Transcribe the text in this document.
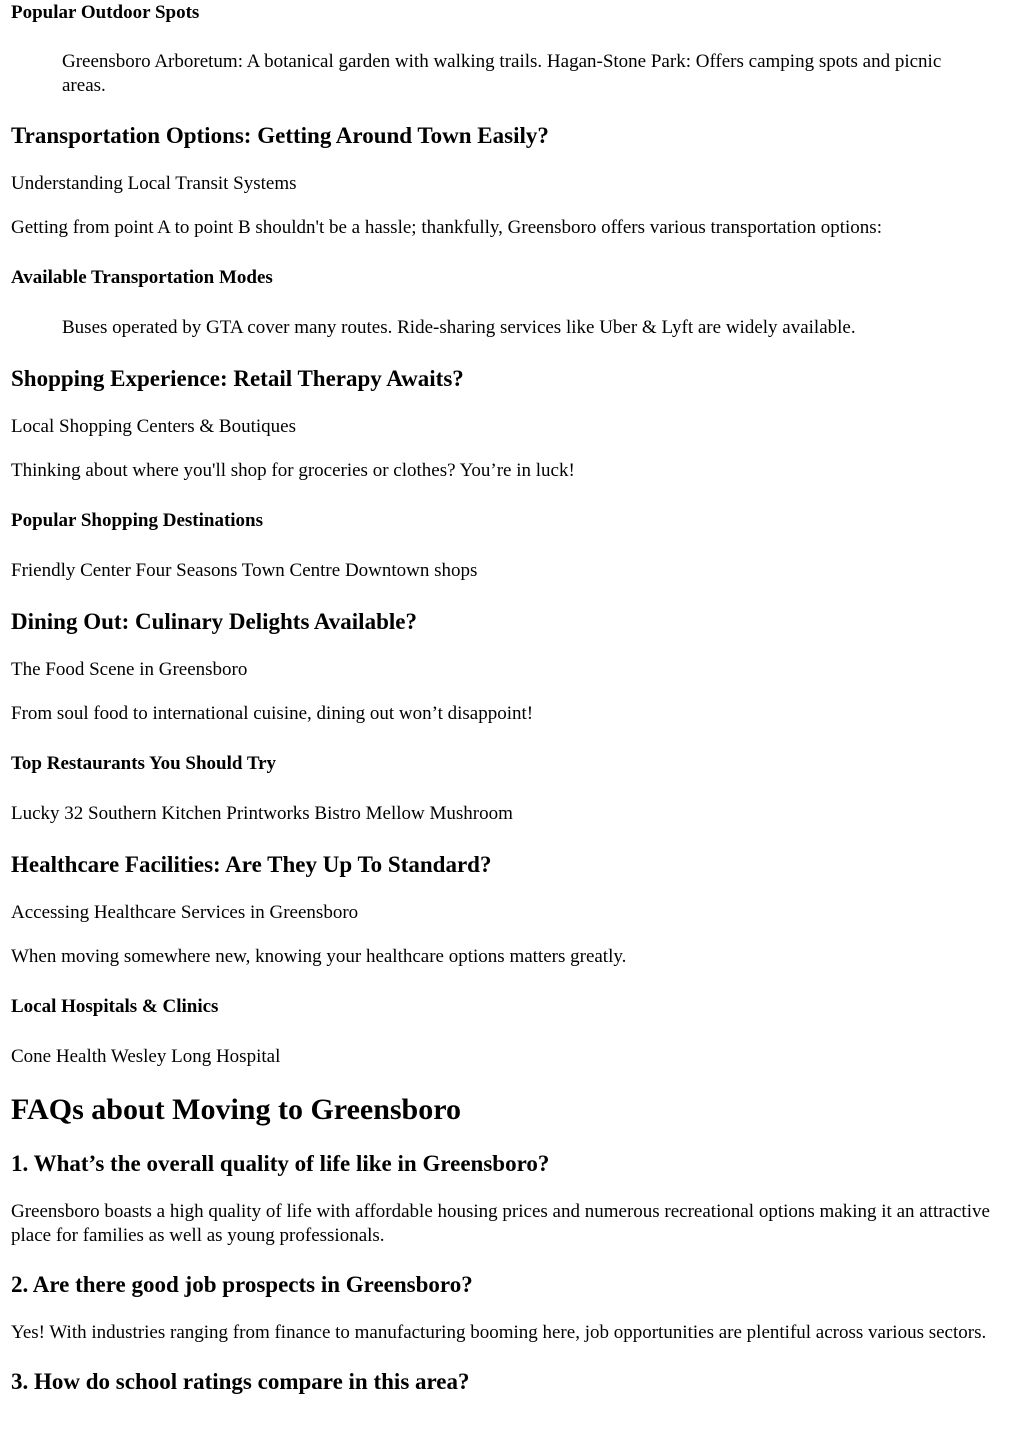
Popular Outdoor Spots
Greensboro Arboretum: A botanical garden with walking trails. Hagan-Stone Park: Offers camping spots and picnic areas.
Transportation Options: Getting Around Town Easily?

Understanding Local Transit Systems

Getting from point A to point B shouldn't be a hassle; thankfully, Greensboro offers various transportation options:

Available Transportation Modes
Buses operated by GTA cover many routes. Ride-sharing services like Uber & Lyft are widely available.
Shopping Experience: Retail Therapy Awaits?

Local Shopping Centers & Boutiques

Thinking about where you'll shop for groceries or clothes? You’re in luck!

Popular Shopping Destinations

Friendly Center Four Seasons Town Centre Downtown shops

Dining Out: Culinary Delights Available?

The Food Scene in Greensboro

From soul food to international cuisine, dining out won’t disappoint!

Top Restaurants You Should Try

Lucky 32 Southern Kitchen Printworks Bistro Mellow Mushroom

Healthcare Facilities: Are They Up To Standard?

Accessing Healthcare Services in Greensboro

When moving somewhere new, knowing your healthcare options matters greatly.

Local Hospitals & Clinics

Cone Health Wesley Long Hospital

FAQs about Moving to Greensboro
1. What’s the overall quality of life like in Greensboro?

Greensboro boasts a high quality of life with affordable housing prices and numerous recreational options making it an attractive place for families as well as young professionals.

2. Are there good job prospects in Greensboro?

Yes! With industries ranging from finance to manufacturing booming here, job opportunities are plentiful across various sectors.

3. How do school ratings compare in this area?
